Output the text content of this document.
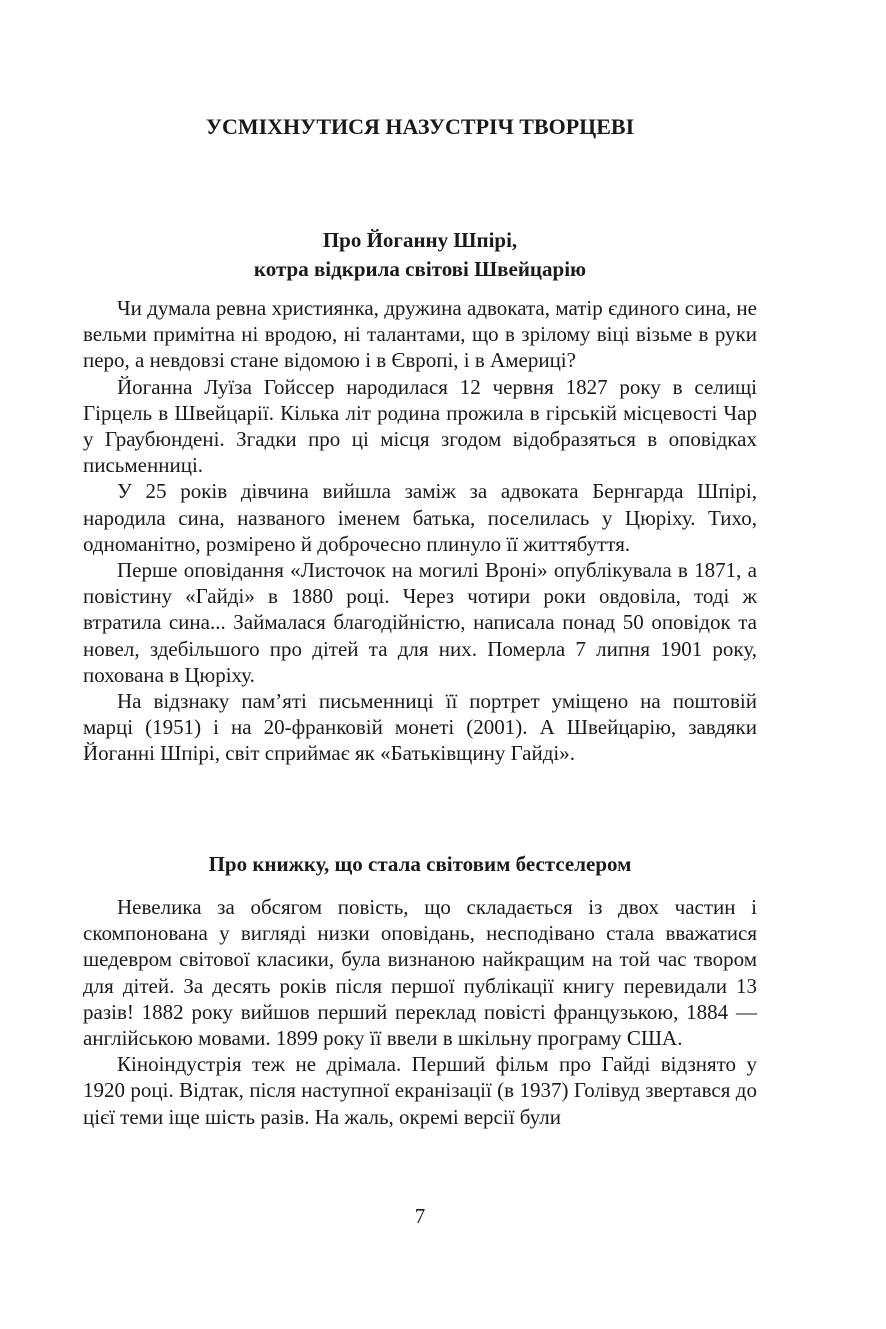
УСМІХНУТИСЯ НАЗУСТРІЧ ТВОРЦЕВІ
Про Йоганну Шпірі,
котра відкрила світові Швейцарію

Чи думала ревна християнка, дружина адвоката, матір єдиного сина, не вельми примітна ні вродою, ні талантами, що в зрілому віці візьме в руки перо, а невдовзі стане відомою і в Європі, і в Америці?

Йоганна Луїза Гойссер народилася 12 червня 1827 року в селищі Гірцель в Швейцарії. Кілька літ родина прожила в гірській місцевості Чар у Граубюндені. Згадки про ці місця згодом відобразяться в оповідках письменниці.

У 25 років дівчина вийшла заміж за адвоката Бернгарда Шпірі, народила сина, названого іменем батька, поселилась у Цюріху. Тихо, одноманітно, розмірено й доброчесно плинуло її життябуття.

Перше оповідання «Листочок на могилі Вроні» опублікувала в 1871, а повістину «Гайді» в 1880 році. Через чотири роки овдовіла, тоді ж втратила сина... Займалася благодійністю, написала понад 50 оповідок та новел, здебільшого про дітей та для них. Померла 7 липня 1901 року, похована в Цюріху.

На відзнаку пам’яті письменниці її портрет уміщено на поштовій марці (1951) і на 20-франковій монеті (2001). А Швейцарію, завдяки Йоганні Шпірі, світ сприймає як «Батьківщину Гайді».

Про книжку, що стала світовим бестселером

Невелика за обсягом повість, що складається із двох частин і скомпонована у вигляді низки оповідань, несподівано стала вважатися шедевром світової класики, була визнаною найкращим на той час твором для дітей. За десять років після першої публікації книгу перевидали 13 разів! 1882 року вийшов перший переклад повісті французькою, 1884 — англійською мовами. 1899 року її ввели в шкільну програму США.

Кіноіндустрія теж не дрімала. Перший фільм про Гайді відзнято у 1920 році. Відтак, після наступної екранізації (в 1937) Голівуд звертався до цієї теми іще шість разів. На жаль, окремі версії були

7
